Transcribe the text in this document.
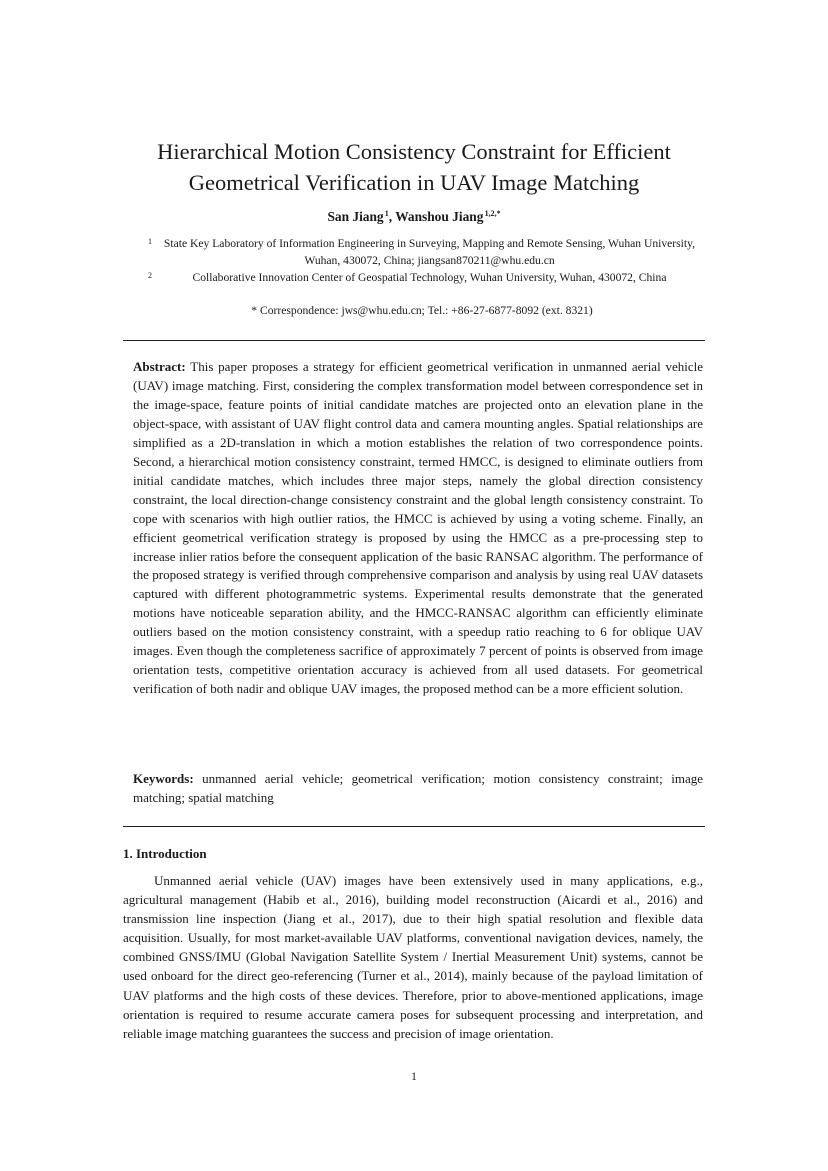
Hierarchical Motion Consistency Constraint for Efficient Geometrical Verification in UAV Image Matching
San Jiang $^1$, Wanshou Jiang $^{1,2,*}$
1 State Key Laboratory of Information Engineering in Surveying, Mapping and Remote Sensing, Wuhan University, Wuhan, 430072, China; jiangsan870211@whu.edu.cn
2	Collaborative Innovation Center of Geospatial Technology, Wuhan University, Wuhan, 430072, China
* Correspondence: jws@whu.edu.cn; Tel.: +86-27-6877-8092 (ext. 8321)

Abstract: This paper proposes a strategy for efficient geometrical verification in unmanned aerial vehicle (UAV) image matching. First, considering the complex transformation model between correspondence set in the image-space, feature points of initial candidate matches are projected onto an elevation plane in the object-space, with assistant of UAV flight control data and camera mounting angles. Spatial relationships are simplified as a 2D-translation in which a motion establishes the relation of two correspondence points. Second, a hierarchical motion consistency constraint, termed HMCC, is designed to eliminate outliers from initial candidate matches, which includes three major steps, namely the global direction consistency constraint, the local direction-change consistency constraint and the global length consistency constraint. To cope with scenarios with high outlier ratios, the HMCC is achieved by using a voting scheme. Finally, an efficient geometrical verification strategy is proposed by using the HMCC as a pre-processing step to increase inlier ratios before the consequent application of the basic RANSAC algorithm. The performance of the proposed strategy is verified through comprehensive comparison and analysis by using real UAV datasets captured with different photogrammetric systems. Experimental results demonstrate that the generated motions have noticeable separation ability, and the HMCC-RANSAC algorithm can efficiently eliminate outliers based on the motion consistency constraint, with a speedup ratio reaching to 6 for oblique UAV images. Even though the completeness sacrifice of approximately 7 percent of points is observed from image orientation tests, competitive orientation accuracy is achieved from all used datasets. For geometrical verification of both nadir and oblique UAV images, the proposed method can be a more efficient solution.

Keywords: unmanned aerial vehicle; geometrical verification; motion consistency constraint; image matching; spatial matching

1. Introduction

Unmanned aerial vehicle (UAV) images have been extensively used in many applications, e.g., agricultural management (Habib et al., 2016), building model reconstruction (Aicardi et al., 2016) and transmission line inspection (Jiang et al., 2017), due to their high spatial resolution and flexible data acquisition. Usually, for most market-available UAV platforms, conventional navigation devices, namely, the combined GNSS/IMU (Global Navigation Satellite System / Inertial Measurement Unit) systems, cannot be used onboard for the direct geo-referencing (Turner et al., 2014), mainly because of the payload limitation of UAV platforms and the high costs of these devices. Therefore, prior to above-mentioned applications, image orientation is required to resume accurate camera poses for subsequent processing and interpretation, and reliable image matching guarantees the success and precision of image orientation.

1
